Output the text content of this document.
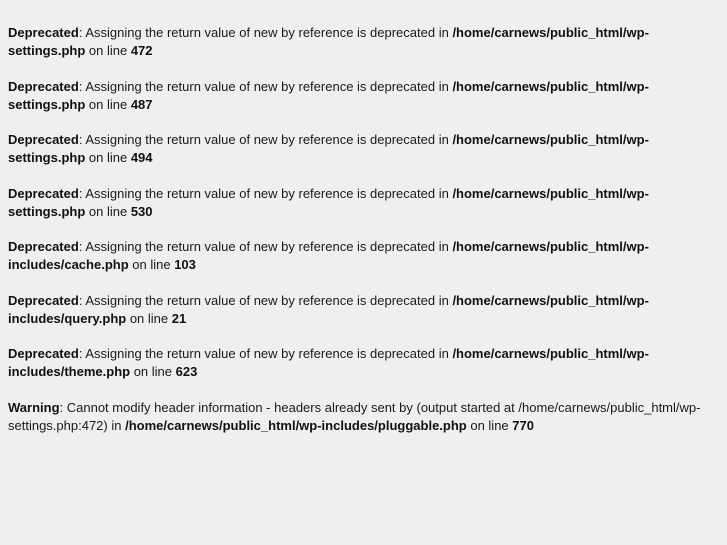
Deprecated: Assigning the return value of new by reference is deprecated in /home/carnews/public_html/wp-settings.php on line 472
Deprecated: Assigning the return value of new by reference is deprecated in /home/carnews/public_html/wp-settings.php on line 487
Deprecated: Assigning the return value of new by reference is deprecated in /home/carnews/public_html/wp-settings.php on line 494
Deprecated: Assigning the return value of new by reference is deprecated in /home/carnews/public_html/wp-settings.php on line 530
Deprecated: Assigning the return value of new by reference is deprecated in /home/carnews/public_html/wp-includes/cache.php on line 103
Deprecated: Assigning the return value of new by reference is deprecated in /home/carnews/public_html/wp-includes/query.php on line 21
Deprecated: Assigning the return value of new by reference is deprecated in /home/carnews/public_html/wp-includes/theme.php on line 623
Warning: Cannot modify header information - headers already sent by (output started at /home/carnews/public_html/wp-settings.php:472) in /home/carnews/public_html/wp-includes/pluggable.php on line 770
